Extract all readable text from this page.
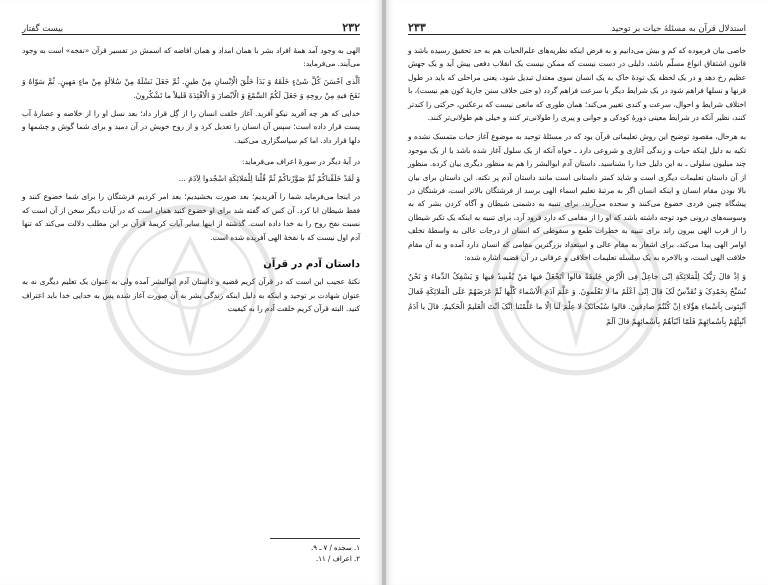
۲۳۲
بیست گفتار

الهی به وجود آمد همهٔ افراد بشر با همان امداد و همان افاضه که اسمش در تفسیر قرآن «نفخه» است به وجود می‌آیند. می‌فرماید:

اَلَّذی اَحْسَنَ کُلَّ شَیْءٍ خَلَقَهُ وَ بَدَاَ خَلْقَ الْاِنْسانِ مِنْ طینٍ. ثُمَّ جَعَلَ نَسْلَهُ مِنْ سُلالَةٍ مِنْ ماءٍ مَهینٍ. ثُمَّ سَوّاهُ وَ نَفَخَ فیهِ مِنْ روحِهِ وَ جَعَلَ لَکُمُ السَّمْعَ وَ الْاَبْصارَ وَ الْاَفْئِدَةَ قَلیلاً ما تَشْکُرونَ.

خدایی که هر چه آفرید نیکو آفرید. آغاز خلقت انسان را از گِل قرار داد؛ بعد نسل او را از خلاصه و عصارهٔ آب پست قرار داده است؛ سپس آن انسان را تعدیل کرد و از روح خویش در آن دمید و برای شما گوش و چشمها و دلها قرار داد. اما کم سپاسگزاری می‌کنید.

در آیهٔ دیگر در سورهٔ اعراف می‌فرماید:

وَ لَقَدْ خَلَقْناکُمْ ثُمَّ صَوَّرْناکُمْ ثُمَّ قُلْنا لِلْمَلائِکَةِ اسْجُدوا لِآدَمَ ...

در اینجا می‌فرماید شما را آفریدیم؛ بعد صورت بخشیدیم؛ بعد امر کردیم فرشتگان را برای شما خضوع کنند و فقط شیطان ابا کرد. آن کس که گفته شد برای او خضوع کنید همان است که در آیات دیگر سخن از آن است که نسبت نفخ روح را به خدا داده است. گذشته از اینها سایر آیات کریمهٔ قرآن بر این مطلب دلالت می‌کند که تنها آدم اول نیست که با نفخهٔ الهی آفریده شده است.

داستان آدم در قرآن

نکتهٔ عجیب این است که در قرآن کریم قضیه و داستان آدم ابوالبشر آمده ولی به عنوان یک تعلیم دیگری نه به عنوان شهادت بر توحید و اینکه به دلیل اینکه زندگی بشر به آن صورت آغاز شده پس به خدایی خدا باید اعتراف کنید. البته قرآن کریم خلقت آدم را به کیفیت

۱. سجده / ۷ ـ ۹.
۲. اعراف / ۱۱.
استدلال قرآن به مسئلهٔ حیات بر توحید
۲۳۳

خاصی بیان فرموده که کم و بیش می‌دانیم و به فرض اینکه نظریه‌های علم‌الحیات هم به حد تحقیق رسیده باشد و قانون اشتقاق انواع مسلّم باشد، دلیلی در دست نیست که ممکن نیست یک انقلاب دفعی پیش آید و یک جهش عظیم رخ دهد و در یک لحظه یک تودهٔ خاک به یک انسان سوی معتدل تبدیل شود، یعنی مراحلی که باید در طول قرنها و نسلها فراهم شود در یک شرایط دیگر با سرعت فراهم گردد (و حتی خلاف سنن جاریهٔ کون هم نیست)، با اختلاف شرایط و احوال، سرعت و کندی تغییر می‌کند؛ همان طوری که مانعی نیست که برعکس، حرکتی را کندتر کنند، نظیر آنکه در شرایط معینی دورهٔ کودکی و جوانی و پیری را طولانی‌تر کنند و خیلی هم طولانی‌تر کنند.

به هرحال، مقصود توضیح این روش تعلیماتی قرآن بود که در مسئلهٔ توحید به موضوع آغاز حیات متمسک نشده و تکیه به دلیل اینکه حیات و زندگی آغازی و شروعی دارد ـ خواه آنکه از یک سلول آغاز شده باشد یا از یک موجود چند میلیون سلولی ـ به این دلیل خدا را بشناسید. داستان آدم ابوالبشر را هم به منظور دیگری بیان کرده. منظور از آن داستان تعلیمات دیگری است و شاید کمتر داستانی است مانند داستان آدم پر نکته. این داستان برای بیان بالا بودن مقام انسان و اینکه انسان اگر به مرتبهٔ تعلیم اسماء الهی برسد از فرشتگان بالاتر است، فرشتگان در پیشگاه چنین فردی خضوع می‌کنند و سجده می‌آرند، برای تنبیه به دشمنی شیطان و آگاه کردن بشر که به وسوسه‌های درونی خود توجه داشته باشد که او را از مقامی که دارد فرود آرد، برای تنبیه به اینکه یک تکبر شیطان را از قرب الهی بیرون راند برای تنبیه به خطرات طمع و سقوطی که انسان از درجات عالی به واسطهٔ تخلف اوامر الهی پیدا می‌کند، برای اشعار به مقام عالی و استعداد بزرگترین مقامی که انسان دارد آمده و به آن مقام خلافت الهی است، و بالاخره به یک سلسله تعلیمات اخلاقی و عرفانی در آن قضیه اشاره شده:

وَ اِذْ قالَ رَبُّکَ لِلْمَلائِکَةِ اِنّی جاعِلٌ فِی الْاَرْضِ خَلیفَةً قالوا اَتَجْعَلُ فیها مَنْ یُفْسِدُ فیها وَ یَسْفِکُ الدِّماءَ وَ نَحْنُ نُسَبِّحُ بِحَمْدِکَ وَ نُقَدِّسُ لَکَ قالَ اِنّی اَعْلَمُ ما لا تَعْلَمونَ. وَ عَلَّمَ آدَمَ الْاَسْماءَ کُلَّها ثُمَّ عَرَضَهُمْ عَلَی الْمَلائِکَةِ فَقالَ اَنْبِئونی بِاَسْماءِ هؤُلاءِ اِنْ کُنْتُمْ صادِقینَ. قالوا سُبْحانَکَ لا عِلْمَ لَنا اِلّا ما عَلَّمْتَنا اِنَّکَ اَنْتَ الْعَلیمُ الْحَکیمُ. قالَ یا آدَمُ اَنْبِئْهُمْ بِاَسْمائِهِمْ فَلَمّا اَنْبَاَهُمْ بِاَسْمائِهِمْ قالَ اَلَمْ
